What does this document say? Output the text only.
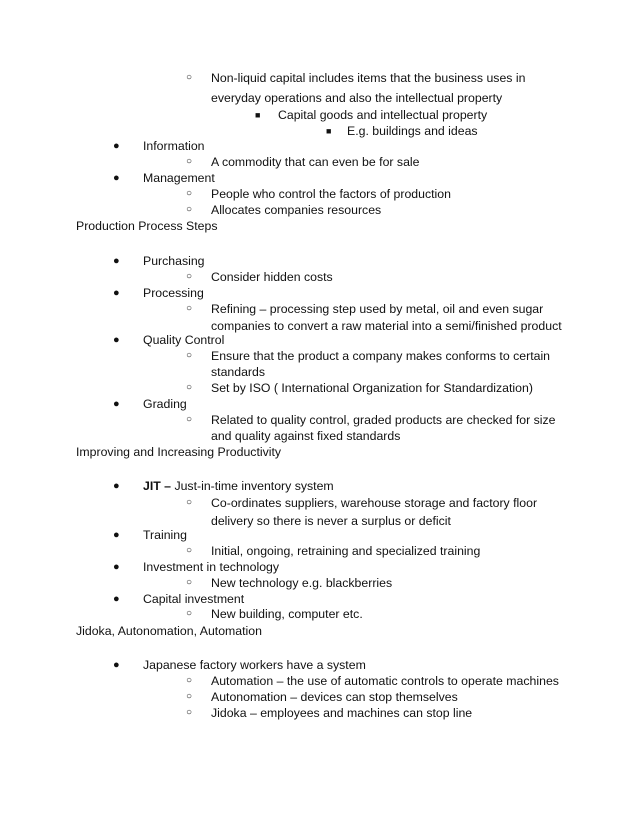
○ Non-liquid capital includes items that the business uses in
everyday operations and also the intellectual property
■ Capital goods and intellectual property
■ E.g. buildings and ideas
● Information
○ A commodity that can even be for sale
● Management
○ People who control the factors of production
○ Allocates companies resources
Production Process Steps
● Purchasing
○ Consider hidden costs
● Processing
○ Refining – processing step used by metal, oil and even sugar
companies to convert a raw material into a semi/finished product
● Quality Control
○ Ensure that the product a company makes conforms to certain
standards
○ Set by ISO ( International Organization for Standardization)
● Grading
○ Related to quality control, graded products are checked for size
and quality against fixed standards
Improving and Increasing Productivity
● JIT – Just-in-time inventory system
○ Co-ordinates suppliers, warehouse storage and factory floor
delivery so there is never a surplus or deficit
● Training
○ Initial, ongoing, retraining and specialized training
● Investment in technology
○ New technology e.g. blackberries
● Capital investment
○ New building, computer etc.
Jidoka, Autonomation, Automation
● Japanese factory workers have a system
○ Automation – the use of automatic controls to operate machines
○ Autonomation – devices can stop themselves
○ Jidoka – employees and machines can stop line
